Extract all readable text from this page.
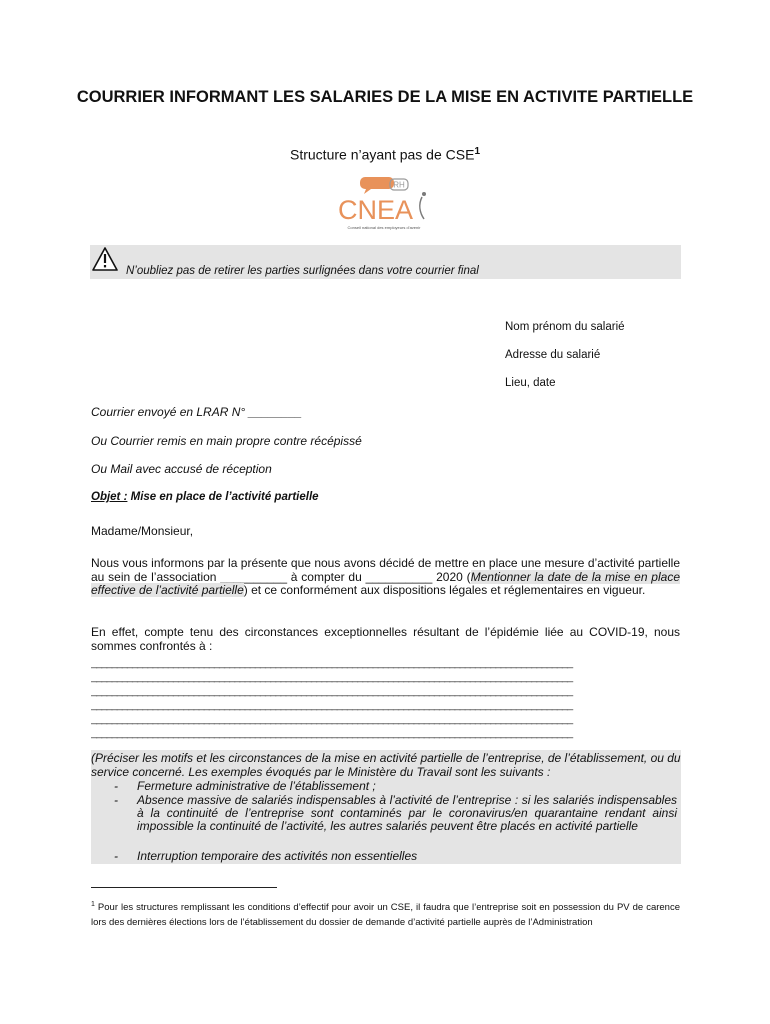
COURRIER INFORMANT LES SALARIES DE LA MISE EN ACTIVITE PARTIELLE
Structure n’ayant pas de CSE$^1$
RH
CNEA
Conseil national des employeurs d’avenir
N’oubliez pas de retirer les parties surlignées dans votre courrier final
Nom prénom du salarié
Adresse du salarié
Lieu, date
Courrier envoyé en LRAR N° ________
Ou Courrier remis en main propre contre récépissé
Ou Mail avec accusé de réception
Objet : Mise en place de l’activité partielle
Madame/Monsieur,
Nous vous informons par la présente que nous avons décidé de mettre en place une mesure d’activité partielle au sein de l’association __________ à compter du __________ 2020 (Mentionner la date de la mise en place effective de l’activité partielle) et ce conformément aux dispositions légales et réglementaires en vigueur.
En effet, compte tenu des circonstances exceptionnelles résultant de l’épidémie liée au COVID-19, nous sommes confrontés à :
______________________________________________________________________________________________
______________________________________________________________________________________________
______________________________________________________________________________________________
______________________________________________________________________________________________
______________________________________________________________________________________________
______________________________________________________________________________________________
(Préciser les motifs et les circonstances de la mise en activité partielle de l’entreprise, de l’établissement, ou du service concerné. Les exemples évoqués par le Ministère du Travail sont les suivants :
- Fermeture administrative de l’établissement ;
- Absence massive de salariés indispensables à l’activité de l’entreprise : si les salariés indispensables à la continuité de l’entreprise sont contaminés par le coronavirus/en quarantaine rendant ainsi impossible la continuité de l’activité, les autres salariés peuvent être placés en activité partielle
- Interruption temporaire des activités non essentielles
$^1$ Pour les structures remplissant les conditions d’effectif pour avoir un CSE, il faudra que l’entreprise soit en possession du PV de carence lors des dernières élections lors de l’établissement du dossier de demande d’activité partielle auprès de l’Administration
